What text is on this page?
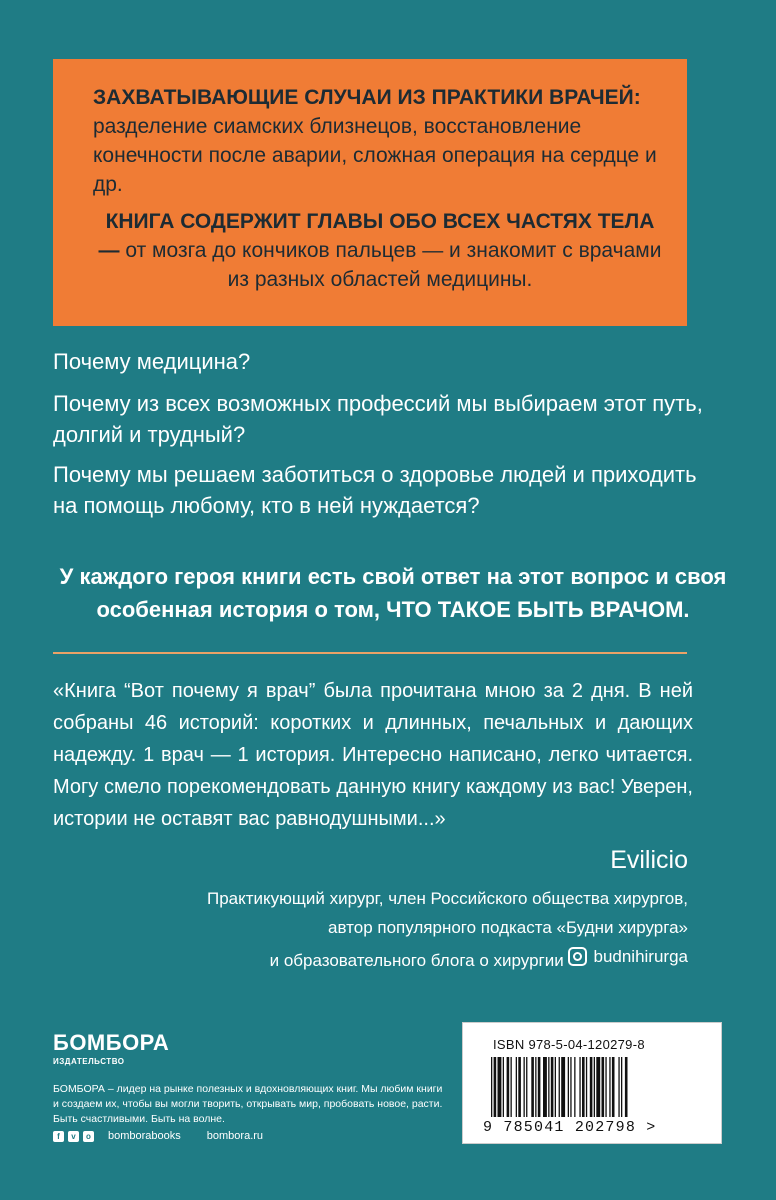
ЗАХВАТЫВАЮЩИЕ СЛУЧАИ ИЗ ПРАКТИКИ ВРАЧЕЙ: разделение сиамских близнецов, восстановление конечности после аварии, сложная операция на сердце и др.

КНИГА СОДЕРЖИТ ГЛАВЫ ОБО ВСЕХ ЧАСТЯХ ТЕЛА — от мозга до кончиков пальцев — и знакомит с врачами из разных областей медицины.

Почему медицина?
Почему из всех возможных профессий мы выбираем этот путь, долгий и трудный?
Почему мы решаем заботиться о здоровье людей и приходить на помощь любому, кто в ней нуждается?
У каждого героя книги есть свой ответ на этот вопрос и своя особенная история о том, ЧТО ТАКОЕ БЫТЬ ВРАЧОМ.
«Книга “Вот почему я врач” была прочитана мною за 2 дня. В ней собраны 46 историй: коротких и длинных, печальных и дающих надежду. 1 врач — 1 история. Интересно написано, легко читается. Могу смело порекомендовать данную книгу каждому из вас! Уверен, истории не оставят вас равнодушными...»
Evilicio
Практикующий хирург, член Российского общества хирургов,
автор популярного подкаста «Будни хирурга»
и образовательного блога о хирургии budnihirurga
БОМБОРА
ИЗДАТЕЛЬСТВО
БОМБОРА – лидер на рынке полезных и вдохновляющих книг. Мы любим книги и создаем их, чтобы вы могли творить, открывать мир, пробовать новое, расти. Быть счастливыми. Быть на волне.
f	v	o bomborabooks bombora.ru
ISBN 978-5-04-120279-8
9 785041 202798 >
